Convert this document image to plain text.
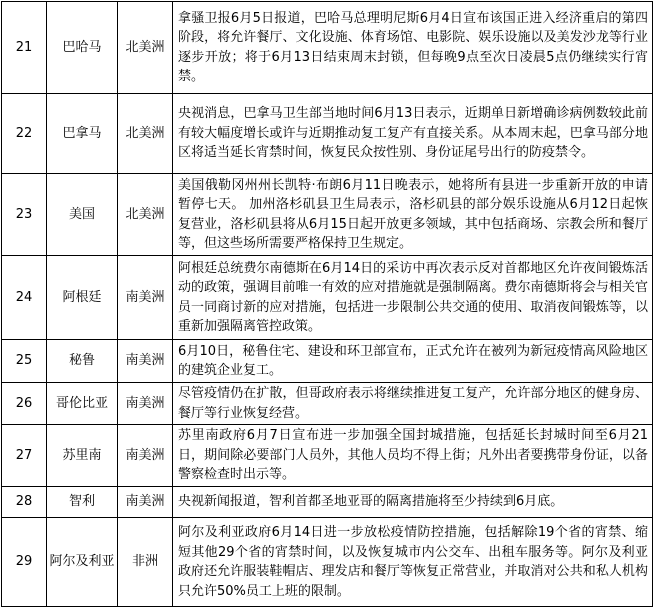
21	巴哈马	北美洲	拿骚卫报6月5日报道，巴哈马总理明尼斯6月4日宣布该国正进入经济重启的第四阶段，将允许餐厅、文化设施、体育场馆、电影院、娱乐设施以及美发沙龙等行业逐步开放；将于6月13日结束周末封锁，但每晚9点至次日凌晨5点仍继续实行宵禁。
22	巴拿马	北美洲	央视消息，巴拿马卫生部当地时间6月13日表示，近期单日新增确诊病例数较此前有较大幅度增长或许与近期推动复工复产有直接关系。从本周末起，巴拿马部分地区将适当延长宵禁时间，恢复民众按性别、身份证尾号出行的防疫禁令。
23	美国	北美洲	美国俄勒冈州州长凯特·布朗6月11日晚表示，她将所有县进一步重新开放的申请暂停七天。 加州洛杉矶县卫生局表示，洛杉矶县的部分娱乐设施从6月12日起恢复营业，洛杉矶县将从6月15日起开放更多领域，其中包括商场、宗教会所和餐厅等，但这些场所需要严格保持卫生规定。
24	阿根廷	南美洲	阿根廷总统费尔南德斯在6月14日的采访中再次表示反对首都地区允许夜间锻炼活动的政策，强调目前唯一有效的应对措施就是强制隔离。费尔南德斯将会与相关官员一同商讨新的应对措施，包括进一步限制公共交通的使用、取消夜间锻炼等，以重新加强隔离管控政策。
25	秘鲁	南美洲	6月10日，秘鲁住宅、建设和环卫部宣布，正式允许在被列为新冠疫情高风险地区的建筑企业复工。
26	哥伦比亚	南美洲	尽管疫情仍在扩散，但哥政府表示将继续推进复工复产，允许部分地区的健身房、餐厅等行业恢复经营。
27	苏里南	南美洲	苏里南政府6月7日宣布进一步加强全国封城措施，包括延长封城时间至6月21日，期间除必要部门人员外，其他人员均不得上街；凡外出者要携带身份证，以备警察检查时出示等。
28	智利	南美洲	央视新闻报道，智利首都圣地亚哥的隔离措施将至少持续到6月底。
29	阿尔及利亚	非洲	阿尔及利亚政府6月14日进一步放松疫情防控措施，包括解除19个省的宵禁、缩短其他29个省的宵禁时间，以及恢复城市内公交车、出租车服务等。阿尔及利亚政府还允许服装鞋帽店、理发店和餐厅等恢复正常营业，并取消对公共和私人机构只允许50%员工上班的限制。
